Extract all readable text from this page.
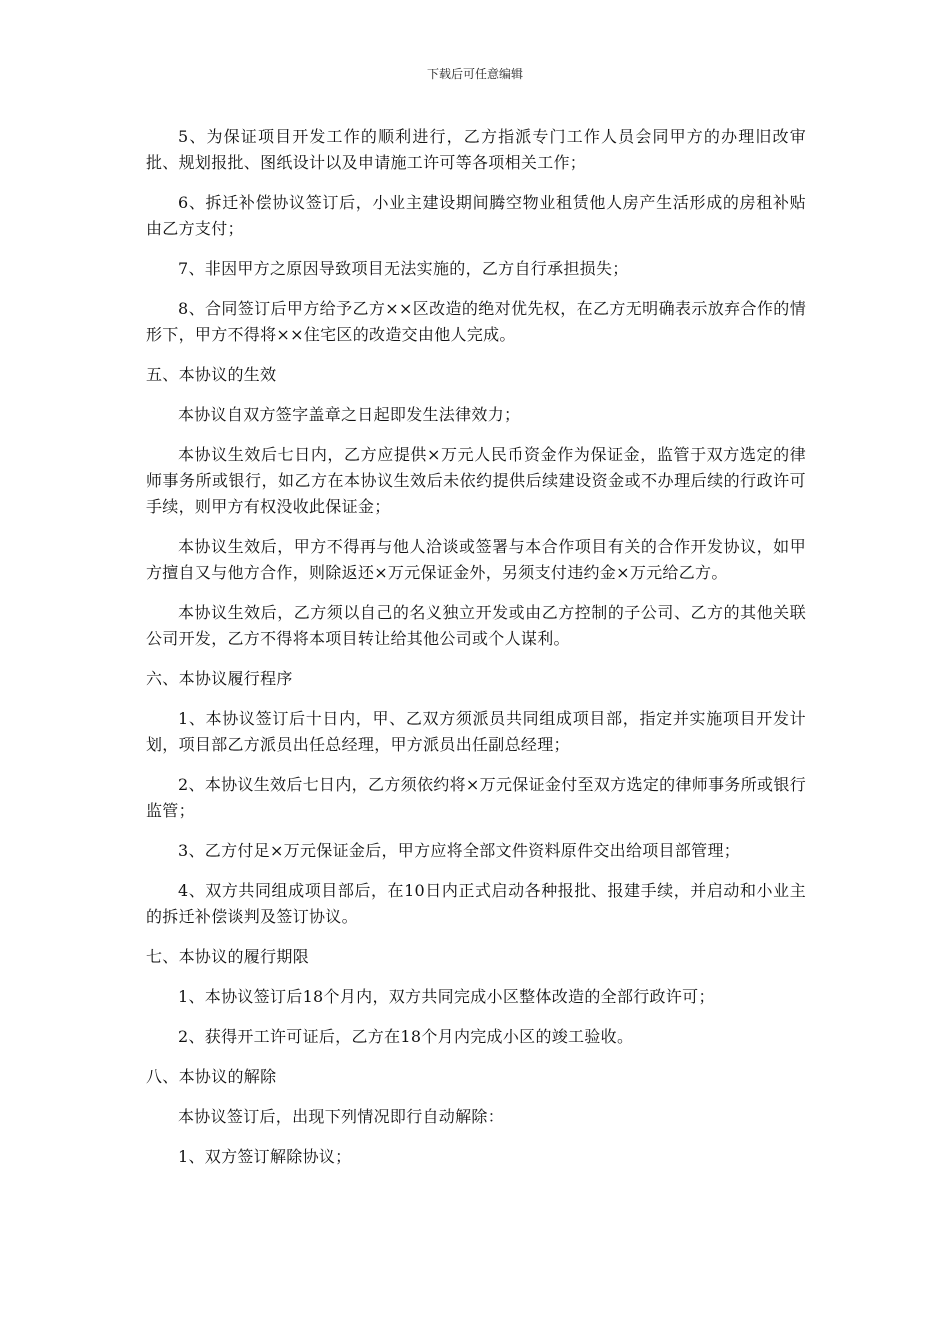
下载后可任意编辑

5、为保证项目开发工作的顺利进行，乙方指派专门工作人员会同甲方的办理旧改审批、规划报批、图纸设计以及申请施工许可等各项相关工作；

6、拆迁补偿协议签订后，小业主建设期间腾空物业租赁他人房产生活形成的房租补贴由乙方支付；

7、非因甲方之原因导致项目无法实施的，乙方自行承担损失；

8、合同签订后甲方给予乙方××区改造的绝对优先权，在乙方无明确表示放弃合作的情形下，甲方不得将××住宅区的改造交由他人完成。

五、本协议的生效

本协议自双方签字盖章之日起即发生法律效力；

本协议生效后七日内，乙方应提供×万元人民币资金作为保证金，监管于双方选定的律师事务所或银行，如乙方在本协议生效后未依约提供后续建设资金或不办理后续的行政许可手续，则甲方有权没收此保证金；

本协议生效后，甲方不得再与他人洽谈或签署与本合作项目有关的合作开发协议，如甲方擅自又与他方合作，则除返还×万元保证金外，另须支付违约金×万元给乙方。

本协议生效后，乙方须以自己的名义独立开发或由乙方控制的子公司、乙方的其他关联公司开发，乙方不得将本项目转让给其他公司或个人谋利。

六、本协议履行程序

1、本协议签订后十日内，甲、乙双方须派员共同组成项目部，指定并实施项目开发计划，项目部乙方派员出任总经理，甲方派员出任副总经理；

2、本协议生效后七日内，乙方须依约将×万元保证金付至双方选定的律师事务所或银行监管；

3、乙方付足×万元保证金后，甲方应将全部文件资料原件交出给项目部管理；

4、双方共同组成项目部后，在10日内正式启动各种报批、报建手续，并启动和小业主的拆迁补偿谈判及签订协议。

七、本协议的履行期限

1、本协议签订后18个月内，双方共同完成小区整体改造的全部行政许可；

2、获得开工许可证后，乙方在18个月内完成小区的竣工验收。

八、本协议的解除

本协议签订后，出现下列情况即行自动解除：

1、双方签订解除协议；
